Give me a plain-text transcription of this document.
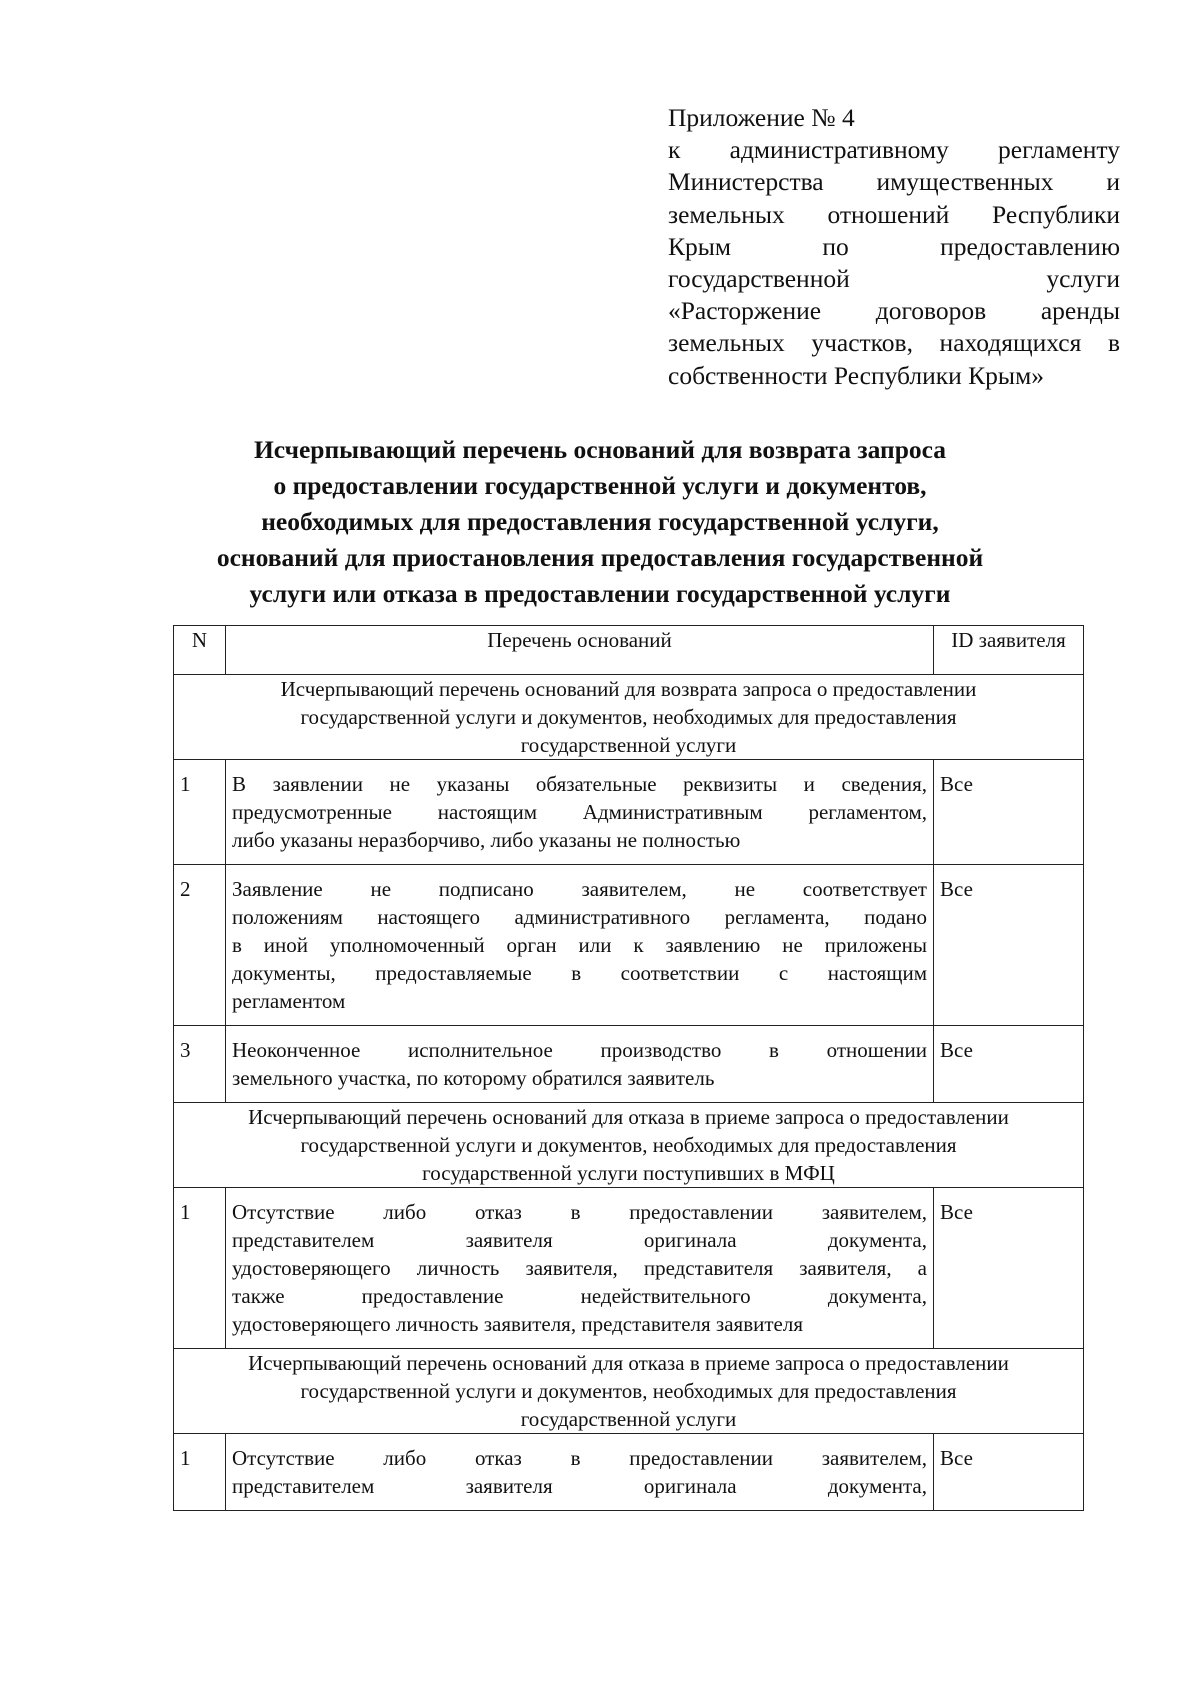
Приложение № 4
к административному регламенту
Министерства имущественных и
земельных отношений Республики
Крым по предоставлению
государственной услуги
«Расторжение договоров аренды
земельных участков, находящихся в
собственности Республики Крым»
Исчерпывающий перечень оснований для возврата запроса
о предоставлении государственной услуги и документов,
необходимых для предоставления государственной услуги,
оснований для приостановления предоставления государственной
услуги или отказа в предоставлении государственной услуги
N	Перечень оснований	ID заявителя

Исчерпывающий перечень оснований для возврата запроса о предоставлении
государственной услуги и документов, необходимых для предоставления
государственной услуги		

1	В заявлении не указаны обязательные реквизиты и сведения,
предусмотренные настоящим Административным регламентом,
либо указаны неразборчиво, либо указаны не полностью	Все
2	Заявление не подписано заявителем, не соответствует
положениям настоящего административного регламента, подано
в иной уполномоченный орган или к заявлению не приложены
документы, предоставляемые в соответствии с настоящим
регламентом	Все
3	Неоконченное исполнительное производство в отношении
земельного участка, по которому обратился заявитель	Все

Исчерпывающий перечень оснований для отказа в приеме запроса о предоставлении
государственной услуги и документов, необходимых для предоставления
государственной услуги поступивших в МФЦ		

1	Отсутствие либо отказ в предоставлении заявителем,
представителем заявителя оригинала документа,
удостоверяющего личность заявителя, представителя заявителя, а
также предоставление недействительного документа,
удостоверяющего личность заявителя, представителя заявителя	Все

Исчерпывающий перечень оснований для отказа в приеме запроса о предоставлении
государственной услуги и документов, необходимых для предоставления
государственной услуги		

1	Отсутствие либо отказ в предоставлении заявителем,
представителем заявителя оригинала документа,	Все
